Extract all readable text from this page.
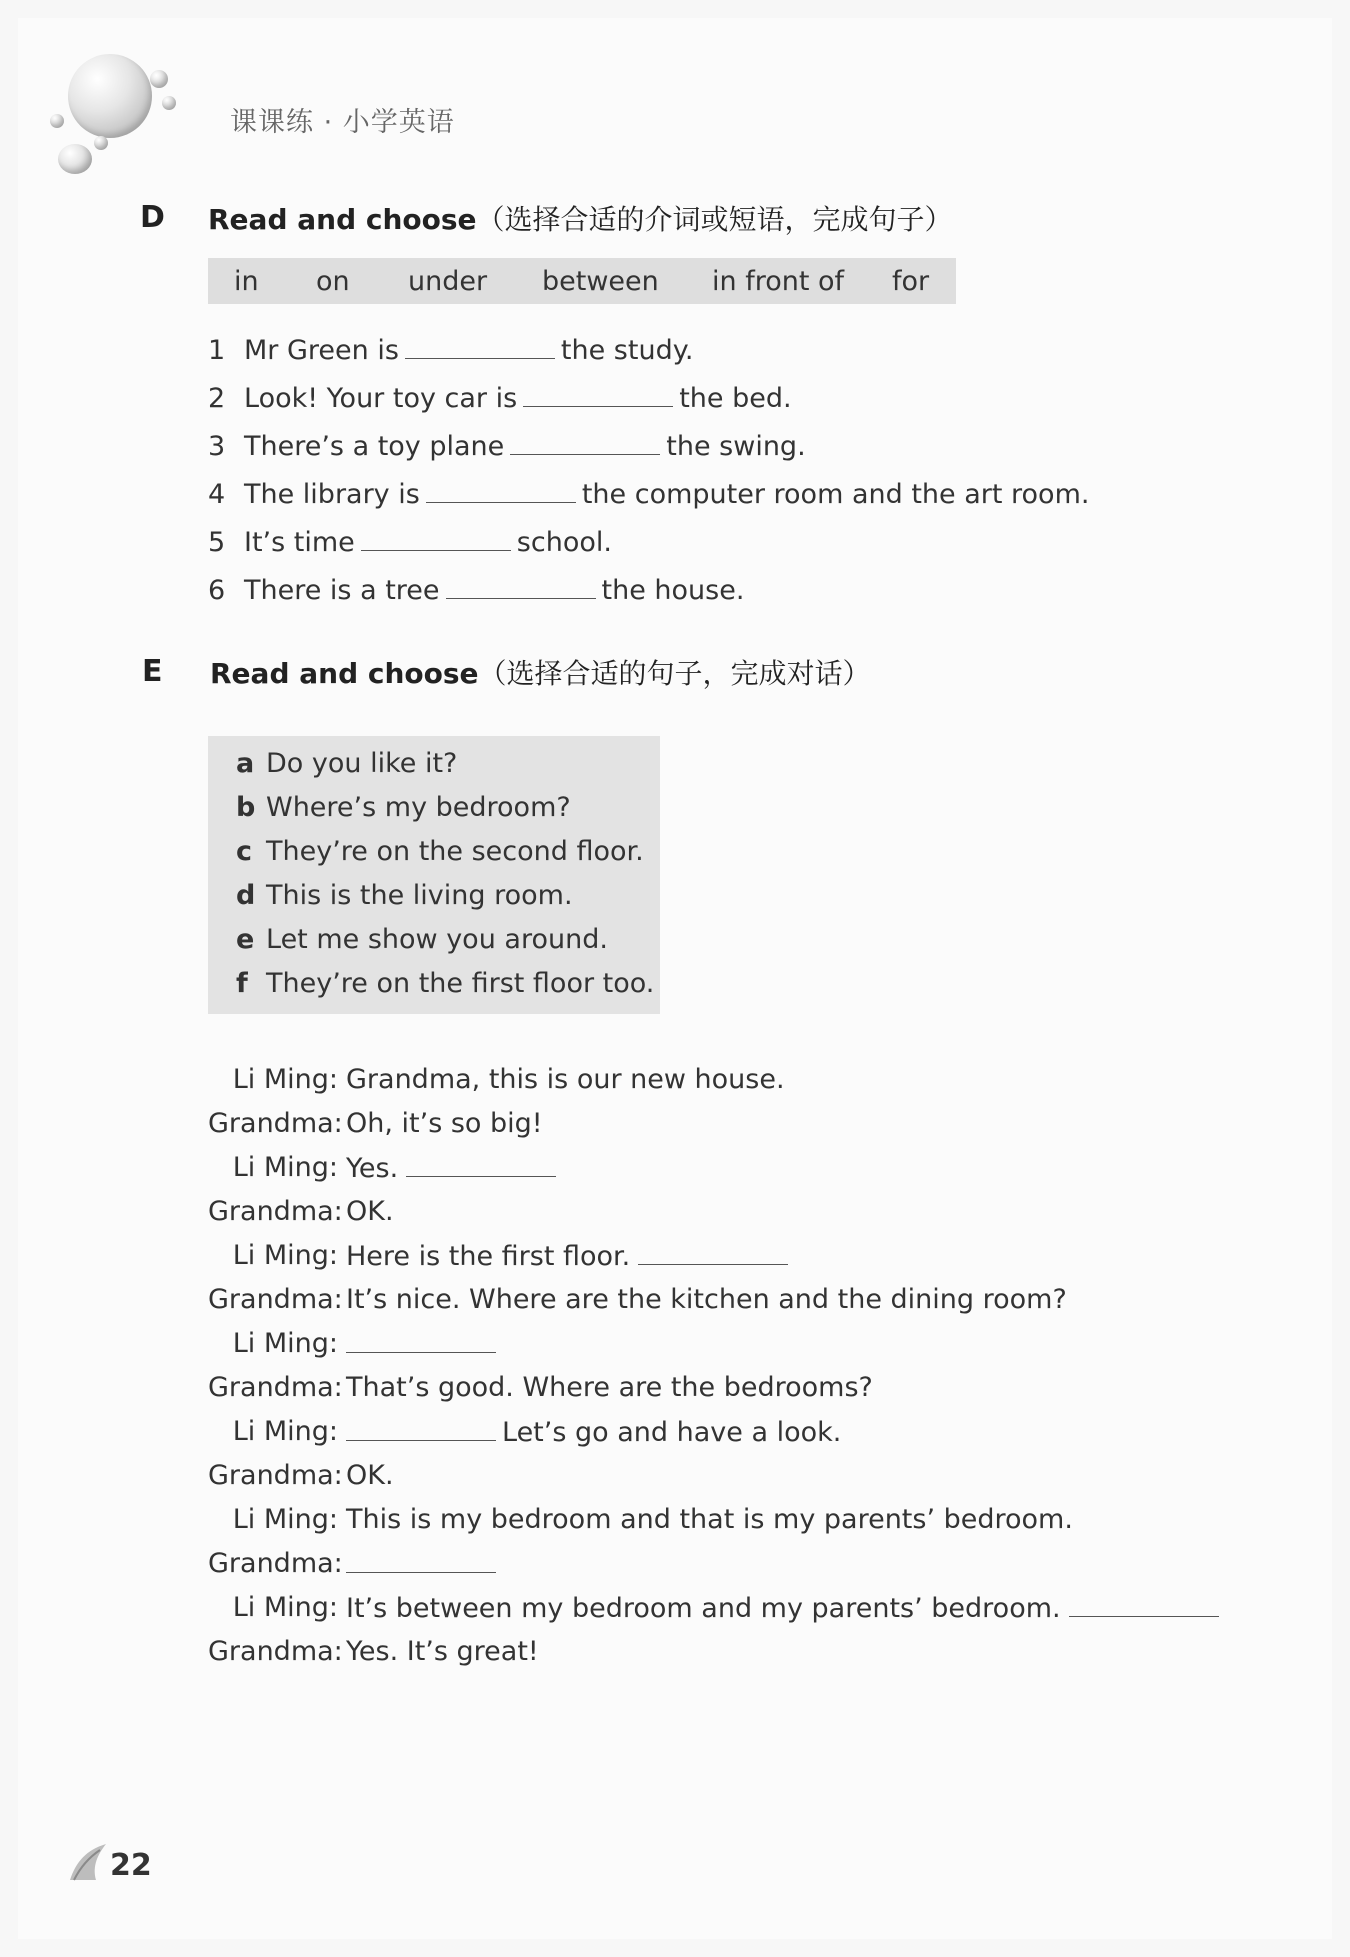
课课练 · 小学英语
D Read and choose（选择合适的介词或短语，完成句子）
in on under between in front of for
1 Mr Green is	the study.
2 Look! Your toy car is	the bed.
3 There’s a toy plane	the swing.
4 The library is	the computer room and the art room.
5 It’s time	school.
6 There is a tree	the house.
E Read and choose（选择合适的句子，完成对话）
a Do you like it?
b Where’s my bedroom?
c They’re on the second floor.
d This is the living room.
e Let me show you around.
f They’re on the first floor too.
Li Ming: Grandma, this is our new house.
Grandma: Oh, it’s so big!
Li Ming: Yes.
Grandma: OK.
Li Ming: Here is the first floor.
Grandma: It’s nice. Where are the kitchen and the dining room?
Li Ming:
Grandma: That’s good. Where are the bedrooms?
Li Ming:	Let’s go and have a look.
Grandma: OK.
Li Ming: This is my bedroom and that is my parents’ bedroom.
Grandma:
Li Ming: It’s between my bedroom and my parents’ bedroom.
Grandma: Yes. It’s great!
22
